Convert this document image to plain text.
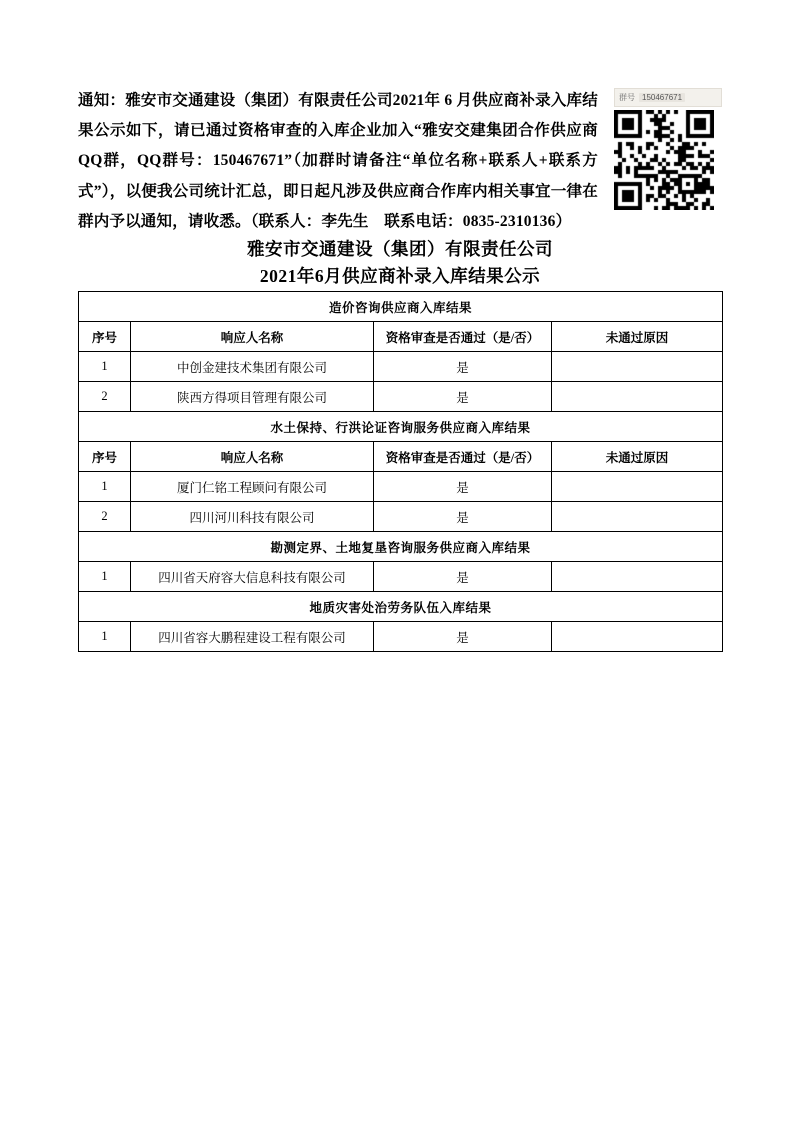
通知：雅安市交通建设（集团）有限责任公司2021年 6 月供应商补录入库结果公示如下，请已通过资格审查的入库企业加入“雅安交建集团合作供应商QQ群，QQ群号：150467671”（加群时请备注“单位名称+联系人+联系方式”），以便我公司统计汇总，即日起凡涉及供应商合作库内相关事宜一律在群内予以通知，请收悉。（联系人：李先生　联系电话：0835-2310136）
群号 150467671
雅安市交通建设（集团）有限责任公司
2021年6月供应商补录入库结果公示
造价咨询供应商入库结果			
序号	响应人名称	资格审查是否通过（是/否）	未通过原因
1	中创金建技术集团有限公司	是	
2	陕西方得项目管理有限公司	是	
水土保持、行洪论证咨询服务供应商入库结果			
序号	响应人名称	资格审查是否通过（是/否）	未通过原因
1	厦门仁铭工程顾问有限公司	是	
2	四川河川科技有限公司	是	
勘测定界、土地复垦咨询服务供应商入库结果			
1	四川省天府容大信息科技有限公司	是	
地质灾害处治劳务队伍入库结果			
1	四川省容大鹏程建设工程有限公司	是	
